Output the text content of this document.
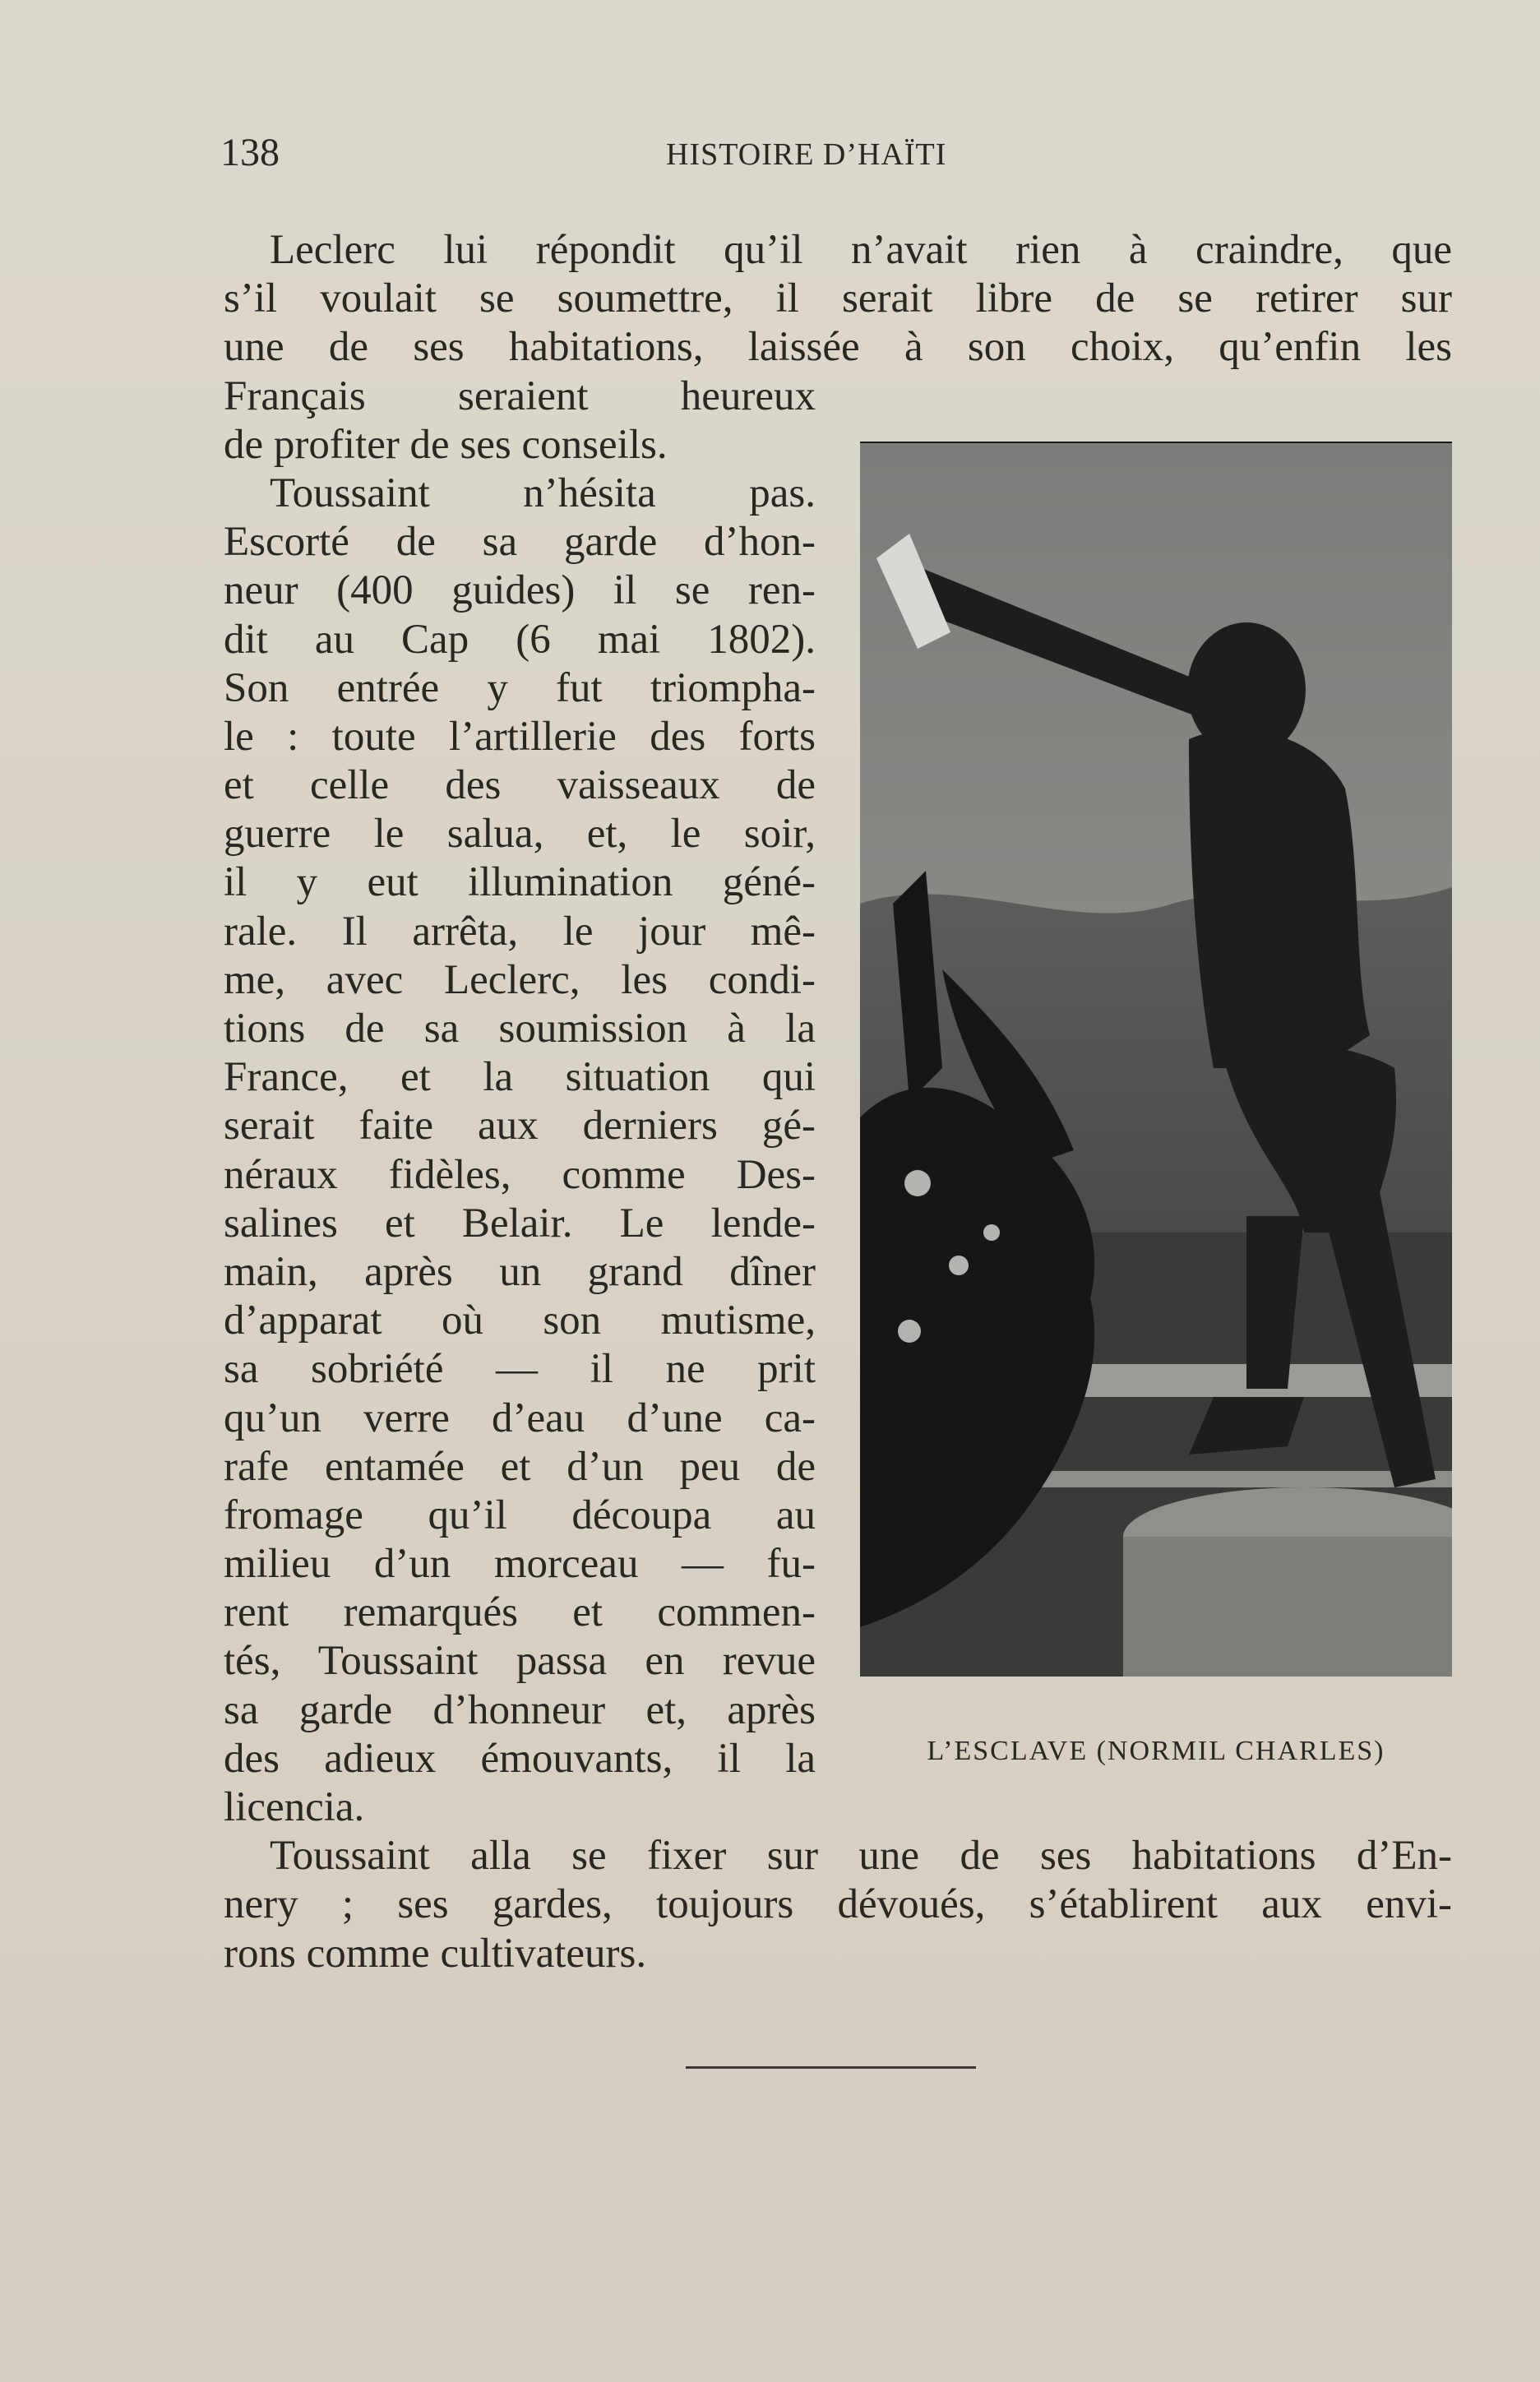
138	HISTOIRE D’HAÏTI
Leclerc lui répondit qu’il n’avait rien à craindre, que
s’il voulait se soumettre, il serait libre de se retirer sur
une de ses habitations, laissée à son choix, qu’enfin les
Français seraient heureux
de profiter de ses conseils.
Toussaint n’hésita pas.
Escorté de sa garde d’hon-
neur (400 guides) il se ren-
dit au Cap (6 mai 1802).
Son entrée y fut triompha-
le : toute l’artillerie des forts
et celle des vaisseaux de
guerre le salua, et, le soir,
il y eut illumination géné-
rale. Il arrêta, le jour mê-
me, avec Leclerc, les condi-
tions de sa soumission à la
France, et la situation qui
serait faite aux derniers gé-
néraux fidèles, comme Des-
salines et Belair. Le lende-
main, après un grand dîner
d’apparat où son mutisme,
sa sobriété — il ne prit
qu’un verre d’eau d’une ca-
rafe entamée et d’un peu de
fromage qu’il découpa au
milieu d’un morceau — fu-
rent remarqués et commen-
tés, Toussaint passa en revue
sa garde d’honneur et, après
des adieux émouvants, il la
licencia.
Toussaint alla se fixer sur une de ses habitations d’En-
nery ; ses gardes, toujours dévoués, s’établirent aux envi-
rons comme cultivateurs.
L’ESCLAVE (NORMIL CHARLES)
